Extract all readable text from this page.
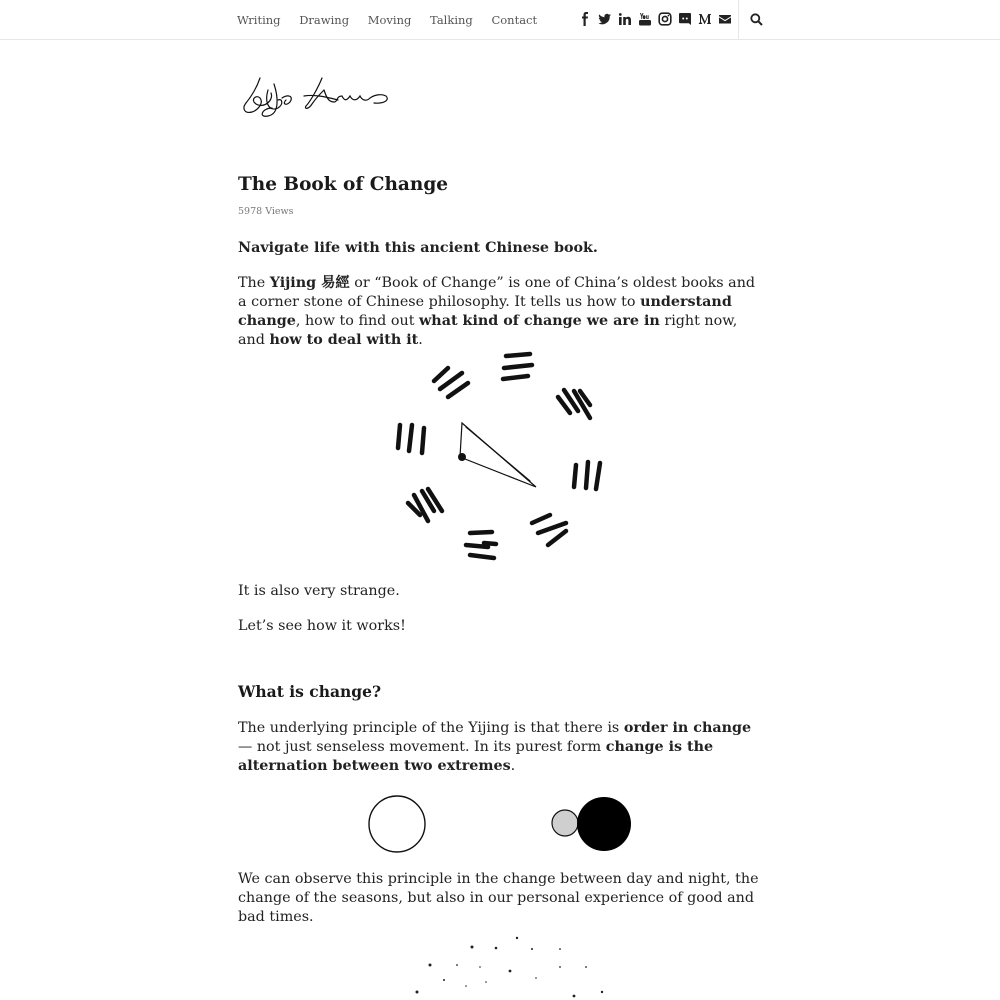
Writing Drawing Moving Talking Contact
The Book of Change
5978 Views

Navigate life with this ancient Chinese book.

The Yijing 易經 or “Book of Change” is one of China’s oldest books and a corner stone of Chinese philosophy. It tells us how to understand change, how to find out what kind of change we are in right now, and how to deal with it.

It is also very strange.

Let’s see how it works!

What is change?

The underlying principle of the Yijing is that there is order in change — not just senseless movement. In its purest form change is the alternation between two extremes.

We can observe this principle in the change between day and night, the change of the seasons, but also in our personal experience of good and bad times.
